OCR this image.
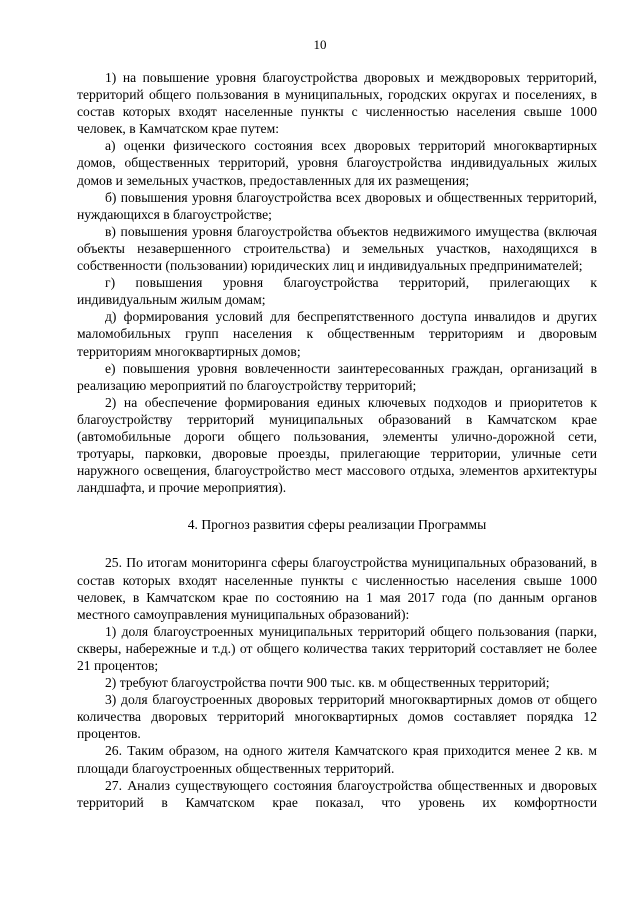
10

1) на повышение уровня благоустройства дворовых и междворовых территорий, территорий общего пользования в муниципальных, городских округах и поселениях, в состав которых входят населенные пункты с численностью населения свыше 1000 человек, в Камчатском крае путем:

а) оценки физического состояния всех дворовых территорий многоквартирных домов, общественных территорий, уровня благоустройства индивидуальных жилых домов и земельных участков, предоставленных для их размещения;

б) повышения уровня благоустройства всех дворовых и общественных территорий, нуждающихся в благоустройстве;

в) повышения уровня благоустройства объектов недвижимого имущества (включая объекты незавершенного строительства) и земельных участков, находящихся в собственности (пользовании) юридических лиц и индивидуальных предпринимателей;

г) повышения уровня благоустройства территорий, прилегающих к индивидуальным жилым домам;

д) формирования условий для беспрепятственного доступа инвалидов и других маломобильных групп населения к общественным территориям и дворовым территориям многоквартирных домов;

е) повышения уровня вовлеченности заинтересованных граждан, организаций в реализацию мероприятий по благоустройству территорий;

2) на обеспечение формирования единых ключевых подходов и приоритетов к благоустройству территорий муниципальных образований в Камчатском крае (автомобильные дороги общего пользования, элементы улично-дорожной сети, тротуары, парковки, дворовые проезды, прилегающие территории, уличные сети наружного освещения, благоустройство мест массового отдыха, элементов архитектуры ландшафта, и прочие мероприятия).

4. Прогноз развития сферы реализации Программы

25. По итогам мониторинга сферы благоустройства муниципальных образований, в состав которых входят населенные пункты с численностью населения свыше 1000 человек, в Камчатском крае по состоянию на 1 мая 2017 года (по данным органов местного самоуправления муниципальных образований):

1) доля благоустроенных муниципальных территорий общего пользования (парки, скверы, набережные и т.д.) от общего количества таких территорий составляет не более 21 процентов;

2) требуют благоустройства почти 900 тыс. кв. м общественных территорий;

3) доля благоустроенных дворовых территорий многоквартирных домов от общего количества дворовых территорий многоквартирных домов составляет порядка 12 процентов.

26. Таким образом, на одного жителя Камчатского края приходится менее 2 кв. м площади благоустроенных общественных территорий.

27. Анализ существующего состояния благоустройства общественных и дворовых территорий в Камчатском крае показал, что уровень их комфортности
